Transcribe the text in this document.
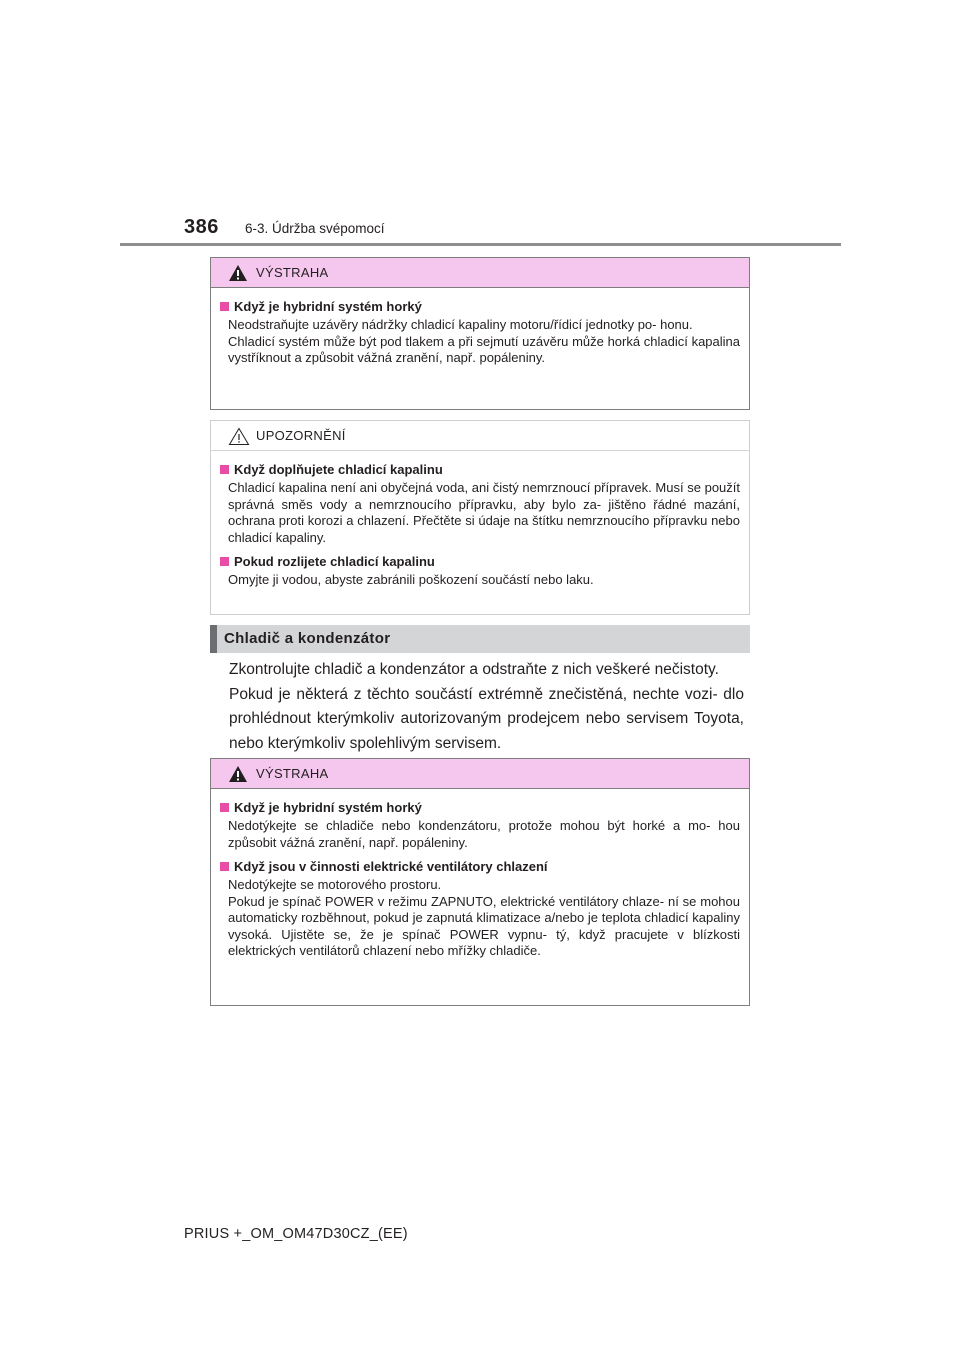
386 6-3. Údržba svépomocí
VÝSTRAHA
Když je hybridní systém horký

Neodstraňujte uzávěry nádržky chladicí kapaliny motoru/řídicí jednotky po- honu.

Chladicí systém může být pod tlakem a při sejmutí uzávěru může horká chladicí kapalina vystříknout a způsobit vážná zranění, např. popáleniny.

UPOZORNĚNÍ
Když doplňujete chladicí kapalinu

Chladicí kapalina není ani obyčejná voda, ani čistý nemrznoucí přípravek. Musí se použít správná směs vody a nemrznoucího přípravku, aby bylo za- jištěno řádné mazání, ochrana proti korozi a chlazení. Přečtěte si údaje na štítku nemrznoucího přípravku nebo chladicí kapaliny.

Pokud rozlijete chladicí kapalinu

Omyjte ji vodou, abyste zabránili poškození součástí nebo laku.

Chladič a kondenzátor

Zkontrolujte chladič a kondenzátor a odstraňte z nich veškeré nečistoty.

Pokud je některá z těchto součástí extrémně znečistěná, nechte vozi- dlo prohlédnout kterýmkoliv autorizovaným prodejcem nebo servisem Toyota, nebo kterýmkoliv spolehlivým servisem.

VÝSTRAHA
Když je hybridní systém horký

Nedotýkejte se chladiče nebo kondenzátoru, protože mohou být horké a mo- hou způsobit vážná zranění, např. popáleniny.

Když jsou v činnosti elektrické ventilátory chlazení

Nedotýkejte se motorového prostoru.

Pokud je spínač POWER v režimu ZAPNUTO, elektrické ventilátory chlaze- ní se mohou automaticky rozběhnout, pokud je zapnutá klimatizace a/nebo je teplota chladicí kapaliny vysoká. Ujistěte se, že je spínač POWER vypnu- tý, když pracujete v blízkosti elektrických ventilátorů chlazení nebo mřížky chladiče.

PRIUS +_OM_OM47D30CZ_(EE)
